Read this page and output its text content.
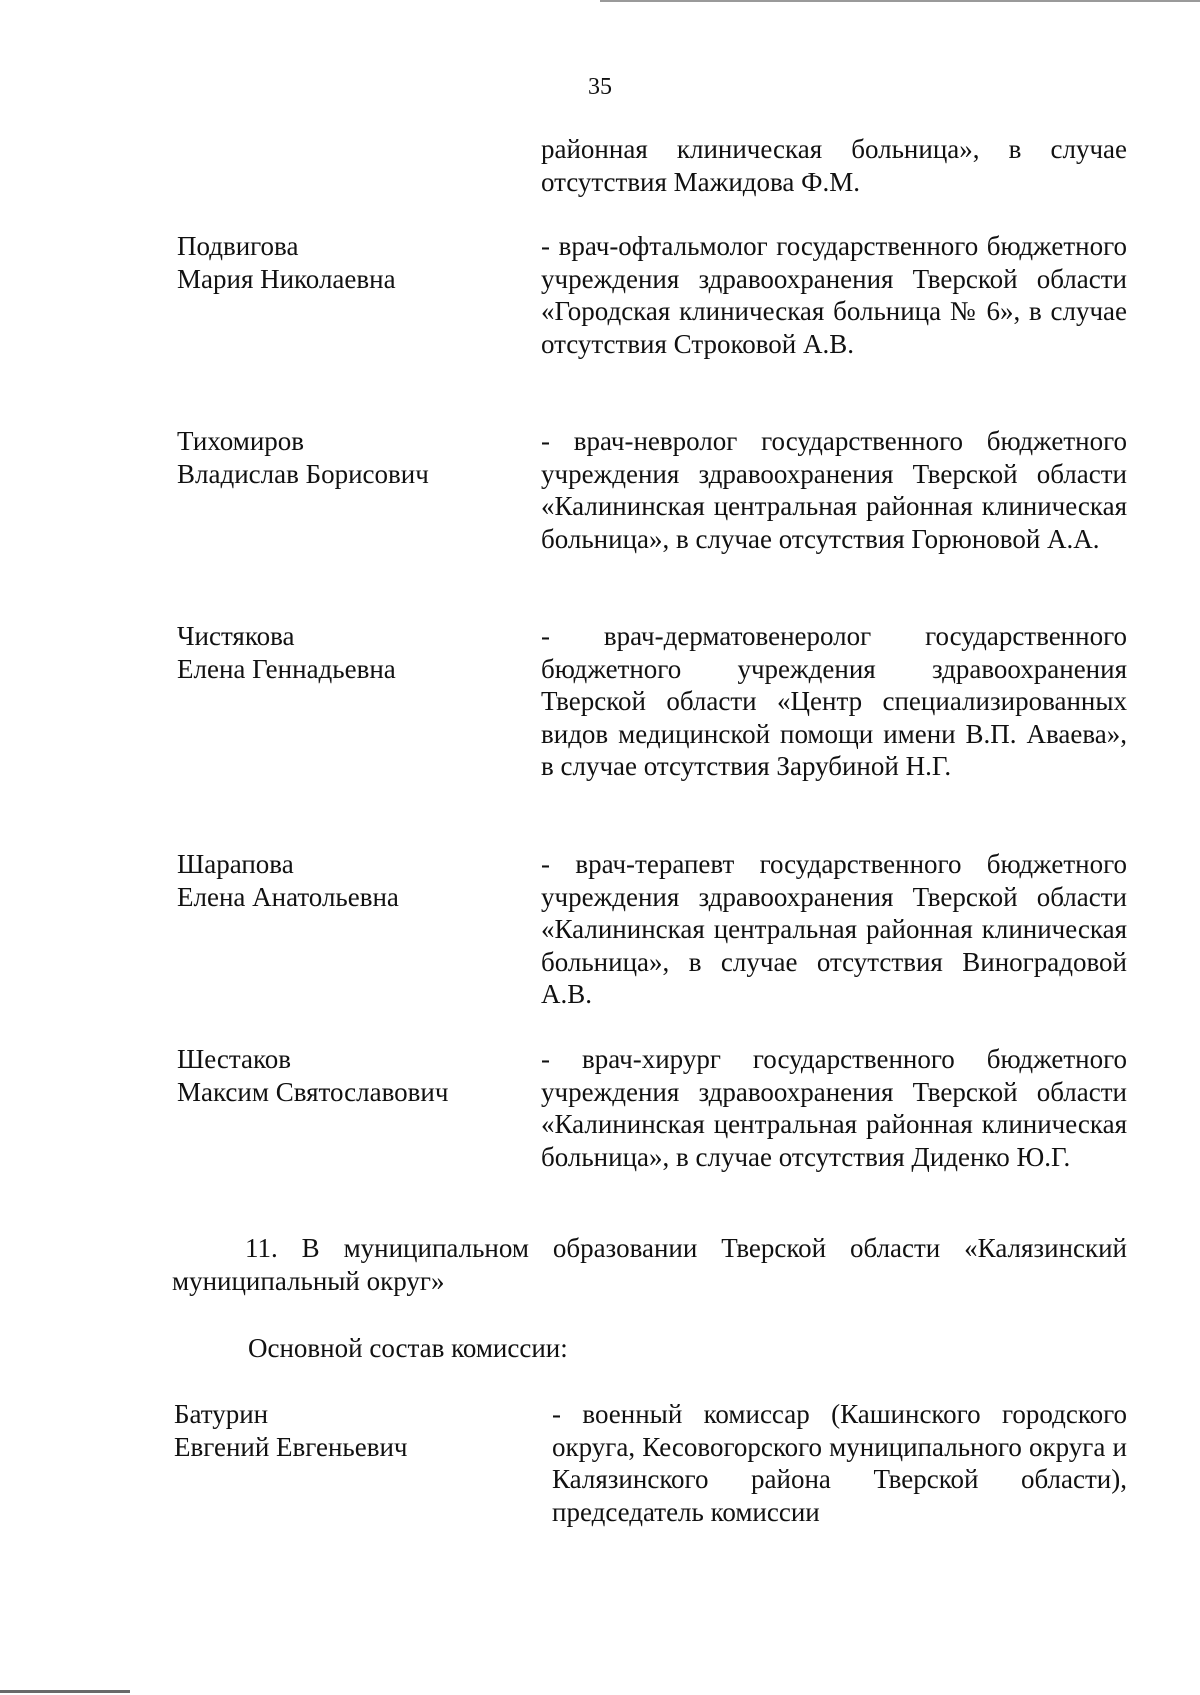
35
районная клиническая больница», в случае отсутствия Мажидова Ф.М.
Подвигова
Мария Николаевна
- врач-офтальмолог государственного бюджетного учреждения здравоохранения Тверской области «Городская клиническая больница № 6», в случае отсутствия Строковой А.В.
Тихомиров
Владислав Борисович
- врач-невролог государственного бюджетного учреждения здравоохранения Тверской области «Калининская центральная районная клиническая больница», в случае отсутствия Горюновой А.А.
Чистякова
Елена Геннадьевна
- врач-дерматовенеролог государственного бюджетного учреждения здравоохранения Тверской области «Центр специализированных видов медицинской помощи имени В.П. Аваева», в случае отсутствия Зарубиной Н.Г.
Шарапова
Елена Анатольевна
- врач-терапевт государственного бюджетного учреждения здравоохранения Тверской области «Калининская центральная районная клиническая больница», в случае отсутствия Виноградовой А.В.
Шестаков
Максим Святославович
- врач-хирург государственного бюджетного учреждения здравоохранения Тверской области «Калининская центральная районная клиническая больница», в случае отсутствия Диденко Ю.Г.
11. В муниципальном образовании Тверской области «Калязинский муниципальный округ»
Основной состав комиссии:
Батурин
Евгений Евгеньевич
- военный комиссар (Кашинского городского округа, Кесовогорского муниципального округа и Калязинского района Тверской области), председатель комиссии
